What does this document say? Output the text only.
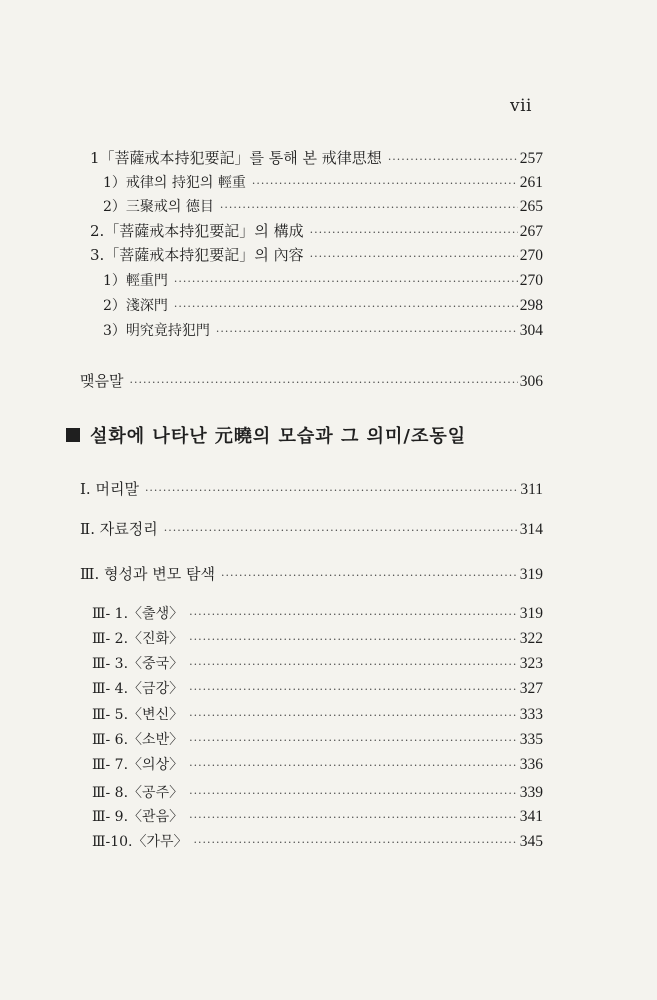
vii
1「菩薩戒本持犯要記」를 통해 본 戒律思想 ·····	257
1）戒律의 持犯의 輕重 ·····	261
2）三聚戒의 德目 ·····	265
2.「菩薩戒本持犯要記」의 構成 ·····	267
3.「菩薩戒本持犯要記」의 內容 ·····	270
1）輕重門 ·····	270
2）淺深門 ·····	298
3）明究竟持犯門 ·····	304
맺음말 ·····	306
설화에 나타난 元曉의 모습과 그 의미/조동일
Ⅰ. 머리말 ·····	311
Ⅱ. 자료정리 ·····	314
Ⅲ. 형성과 변모 탐색 ·····	319
Ⅲ- 1.〈출생〉 ·····	319
Ⅲ- 2.〈진화〉 ·····	322
Ⅲ- 3.〈중국〉 ·····	323
Ⅲ- 4.〈금강〉 ·····	327
Ⅲ- 5.〈변신〉 ·····	333
Ⅲ- 6.〈소반〉 ·····	335
Ⅲ- 7.〈의상〉 ·····	336
Ⅲ- 8.〈공주〉 ·····	339
Ⅲ- 9.〈관음〉 ·····	341
Ⅲ-10.〈가무〉 ·····	345
